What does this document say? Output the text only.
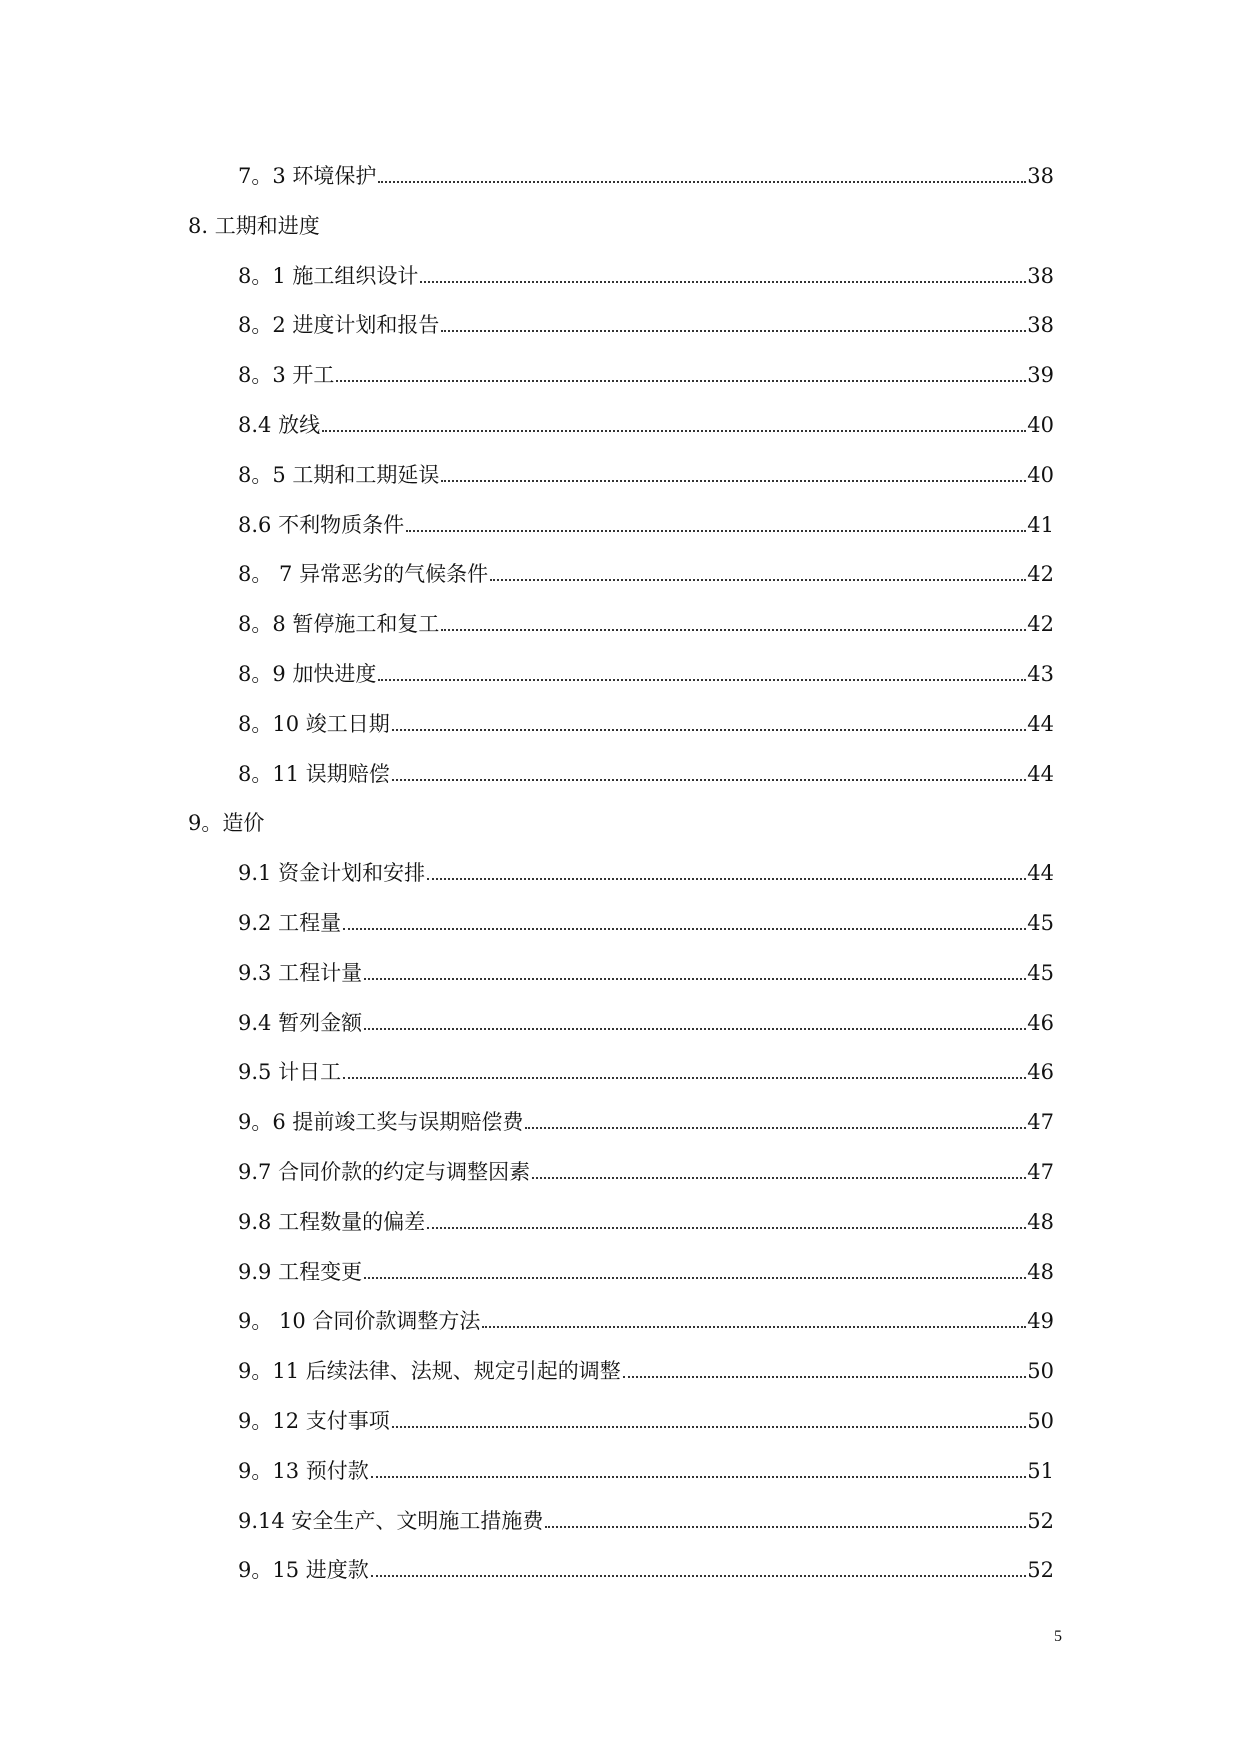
7。3 环境保护	38
8. 工期和进度
8。1 施工组织设计	38
8。2 进度计划和报告	38
8。3 开工	39
8.4 放线	40
8。5 工期和工期延误	40
8.6 不利物质条件	41
8。 7 异常恶劣的气候条件	42
8。8 暂停施工和复工	42
8。9 加快进度	43
8。10 竣工日期	44
8。11 误期赔偿	44
9。造价
9.1 资金计划和安排	44
9.2 工程量	45
9.3 工程计量	45
9.4 暂列金额	46
9.5 计日工	46
9。6 提前竣工奖与误期赔偿费	47
9.7 合同价款的约定与调整因素	47
9.8 工程数量的偏差	48
9.9 工程变更	48
9。 10 合同价款调整方法	49
9。11 后续法律、法规、规定引起的调整	50
9。12 支付事项	50
9。13 预付款	51
9.14 安全生产、文明施工措施费	52
9。15 进度款	52
5
